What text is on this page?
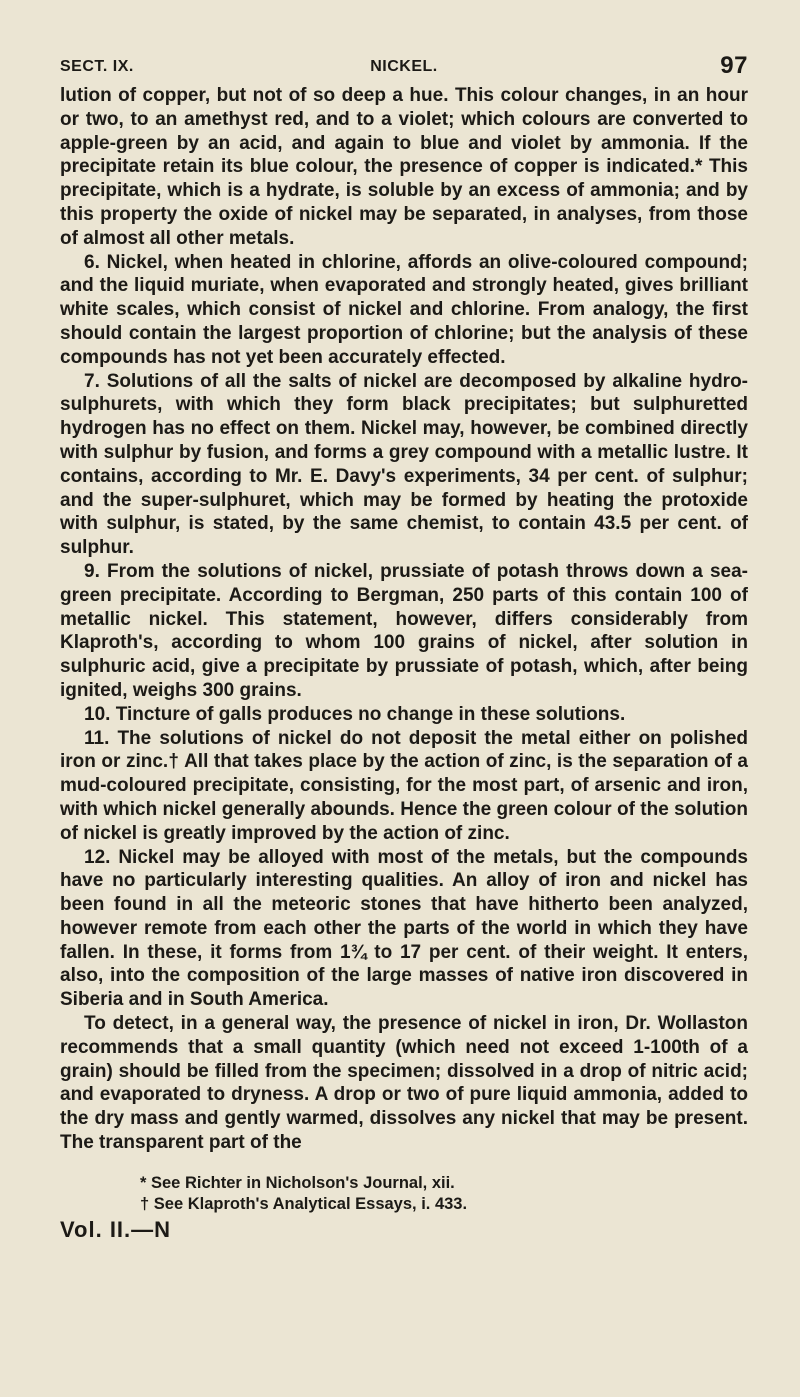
SECT. IX.	NICKEL.	97

lution of copper, but not of so deep a hue. This colour changes, in an hour or two, to an amethyst red, and to a violet; which colours are converted to apple-green by an acid, and again to blue and violet by ammonia. If the precipitate retain its blue colour, the presence of copper is indicated.* This precipitate, which is a hydrate, is soluble by an excess of ammonia; and by this property the oxide of nickel may be separated, in analyses, from those of almost all other metals.

6. Nickel, when heated in chlorine, affords an olive-coloured compound; and the liquid muriate, when evaporated and strongly heated, gives brilliant white scales, which consist of nickel and chlorine. From analogy, the first should contain the largest proportion of chlorine; but the analysis of these compounds has not yet been accurately effected.

7. Solutions of all the salts of nickel are decomposed by alkaline hydro-sulphurets, with which they form black precipitates; but sulphuretted hydrogen has no effect on them. Nickel may, however, be combined directly with sulphur by fusion, and forms a grey compound with a metallic lustre. It contains, according to Mr. E. Davy's experiments, 34 per cent. of sulphur; and the super-sulphuret, which may be formed by heating the protoxide with sulphur, is stated, by the same chemist, to contain 43.5 per cent. of sulphur.

9. From the solutions of nickel, prussiate of potash throws down a sea-green precipitate. According to Bergman, 250 parts of this contain 100 of metallic nickel. This statement, however, differs considerably from Klaproth's, according to whom 100 grains of nickel, after solution in sulphuric acid, give a precipitate by prussiate of potash, which, after being ignited, weighs 300 grains.

10. Tincture of galls produces no change in these solutions.

11. The solutions of nickel do not deposit the metal either on polished iron or zinc.† All that takes place by the action of zinc, is the separation of a mud-coloured precipitate, consisting, for the most part, of arsenic and iron, with which nickel generally abounds. Hence the green colour of the solution of nickel is greatly improved by the action of zinc.

12. Nickel may be alloyed with most of the metals, but the compounds have no particularly interesting qualities. An alloy of iron and nickel has been found in all the meteoric stones that have hitherto been analyzed, however remote from each other the parts of the world in which they have fallen. In these, it forms from 1¾ to 17 per cent. of their weight. It enters, also, into the composition of the large masses of native iron discovered in Siberia and in South America.

To detect, in a general way, the presence of nickel in iron, Dr. Wollaston recommends that a small quantity (which need not exceed 1-100th of a grain) should be filled from the specimen; dissolved in a drop of nitric acid; and evaporated to dryness. A drop or two of pure liquid ammonia, added to the dry mass and gently warmed, dissolves any nickel that may be present. The transparent part of the

* See Richter in Nicholson's Journal, xii.

† See Klaproth's Analytical Essays, i. 433.

Vol. II.—N
